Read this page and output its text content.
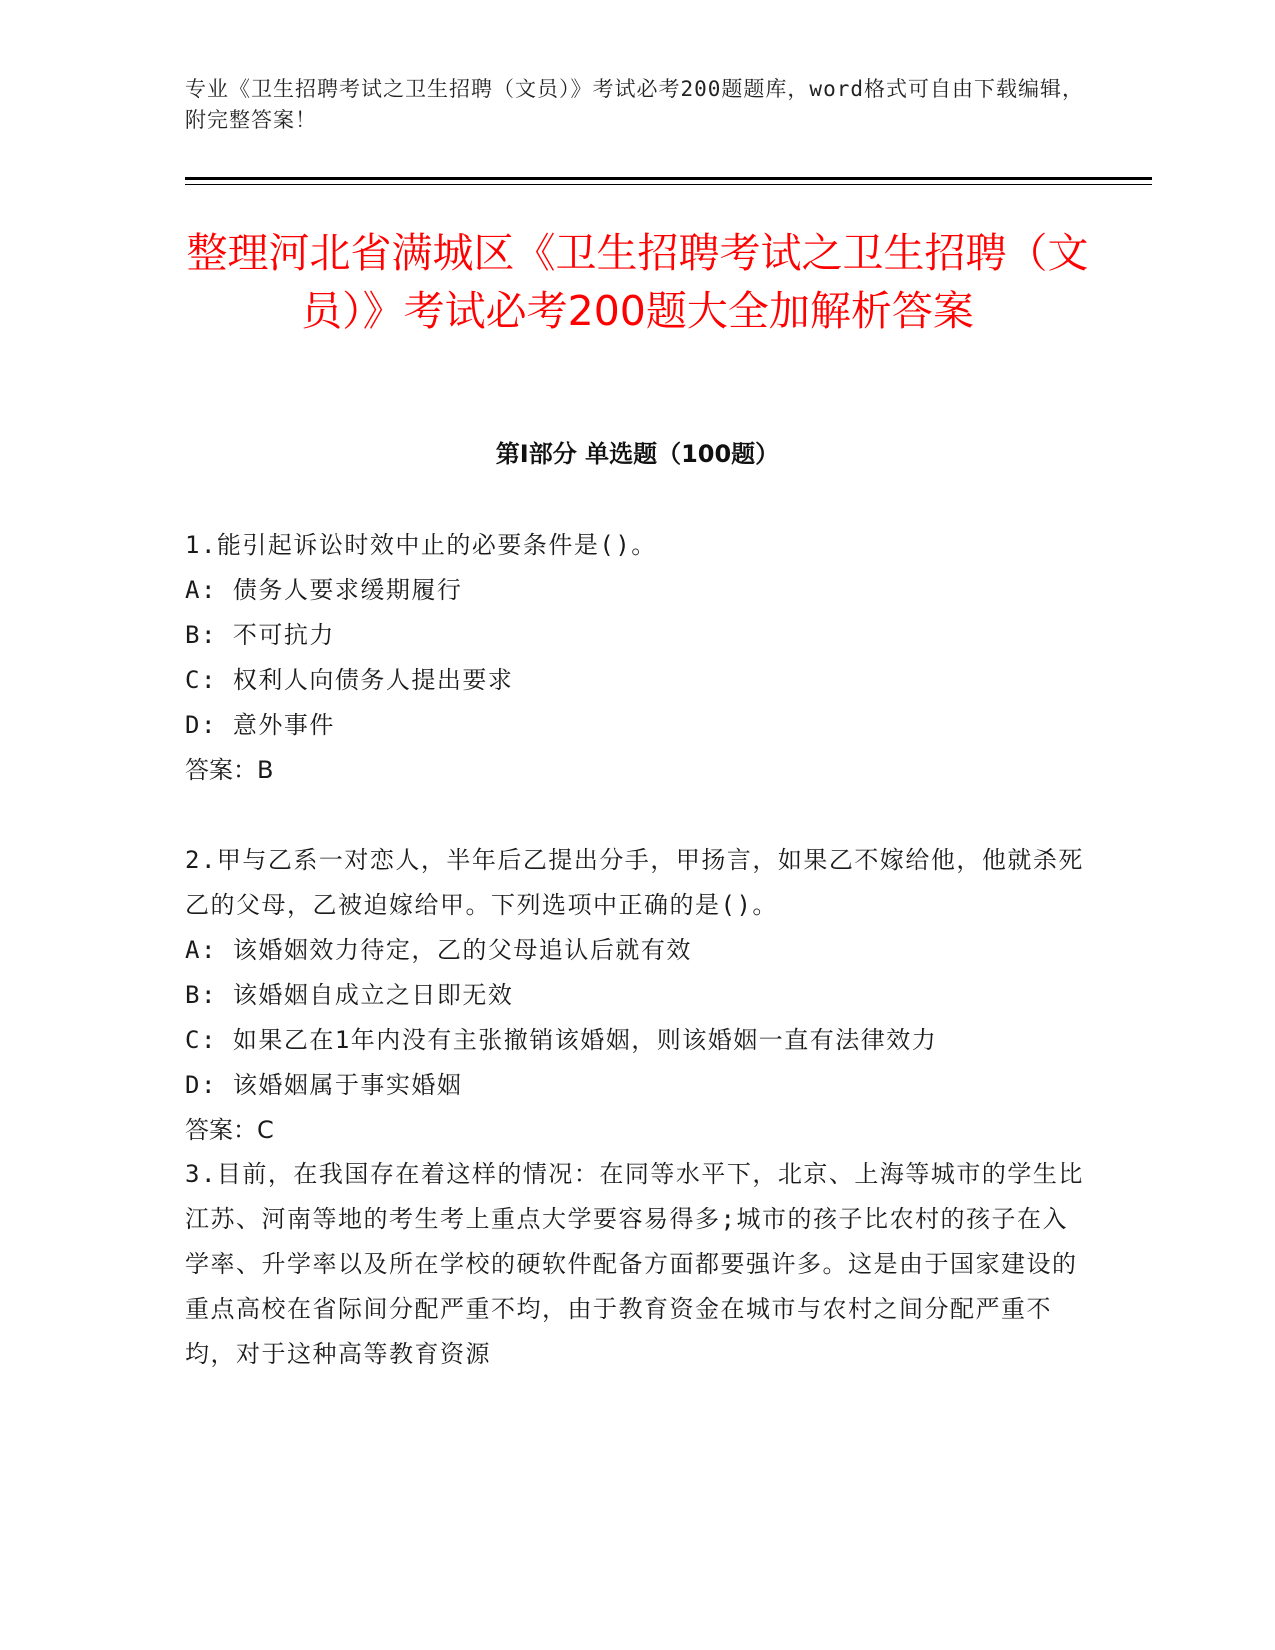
专业《卫生招聘考试之卫生招聘（文员）》考试必考200题题库，word格式可自由下载编辑，附完整答案！
整理河北省满城区《卫生招聘考试之卫生招聘（文员）》考试必考200题大全加解析答案
第I部分 单选题（100题）
1.能引起诉讼时效中止的必要条件是()。
A: 债务人要求缓期履行
B: 不可抗力
C: 权利人向债务人提出要求
D: 意外事件
答案：B
2.甲与乙系一对恋人，半年后乙提出分手，甲扬言，如果乙不嫁给他，他就杀死乙的父母，乙被迫嫁给甲。下列选项中正确的是()。
A: 该婚姻效力待定，乙的父母追认后就有效
B: 该婚姻自成立之日即无效
C: 如果乙在1年内没有主张撤销该婚姻，则该婚姻一直有法律效力
D: 该婚姻属于事实婚姻
答案：C
3.目前，在我国存在着这样的情况：在同等水平下，北京、上海等城市的学生比江苏、河南等地的考生考上重点大学要容易得多;城市的孩子比农村的孩子在入学率、升学率以及所在学校的硬软件配备方面都要强许多。这是由于国家建设的重点高校在省际间分配严重不均，由于教育资金在城市与农村之间分配严重不均，对于这种高等教育资源
